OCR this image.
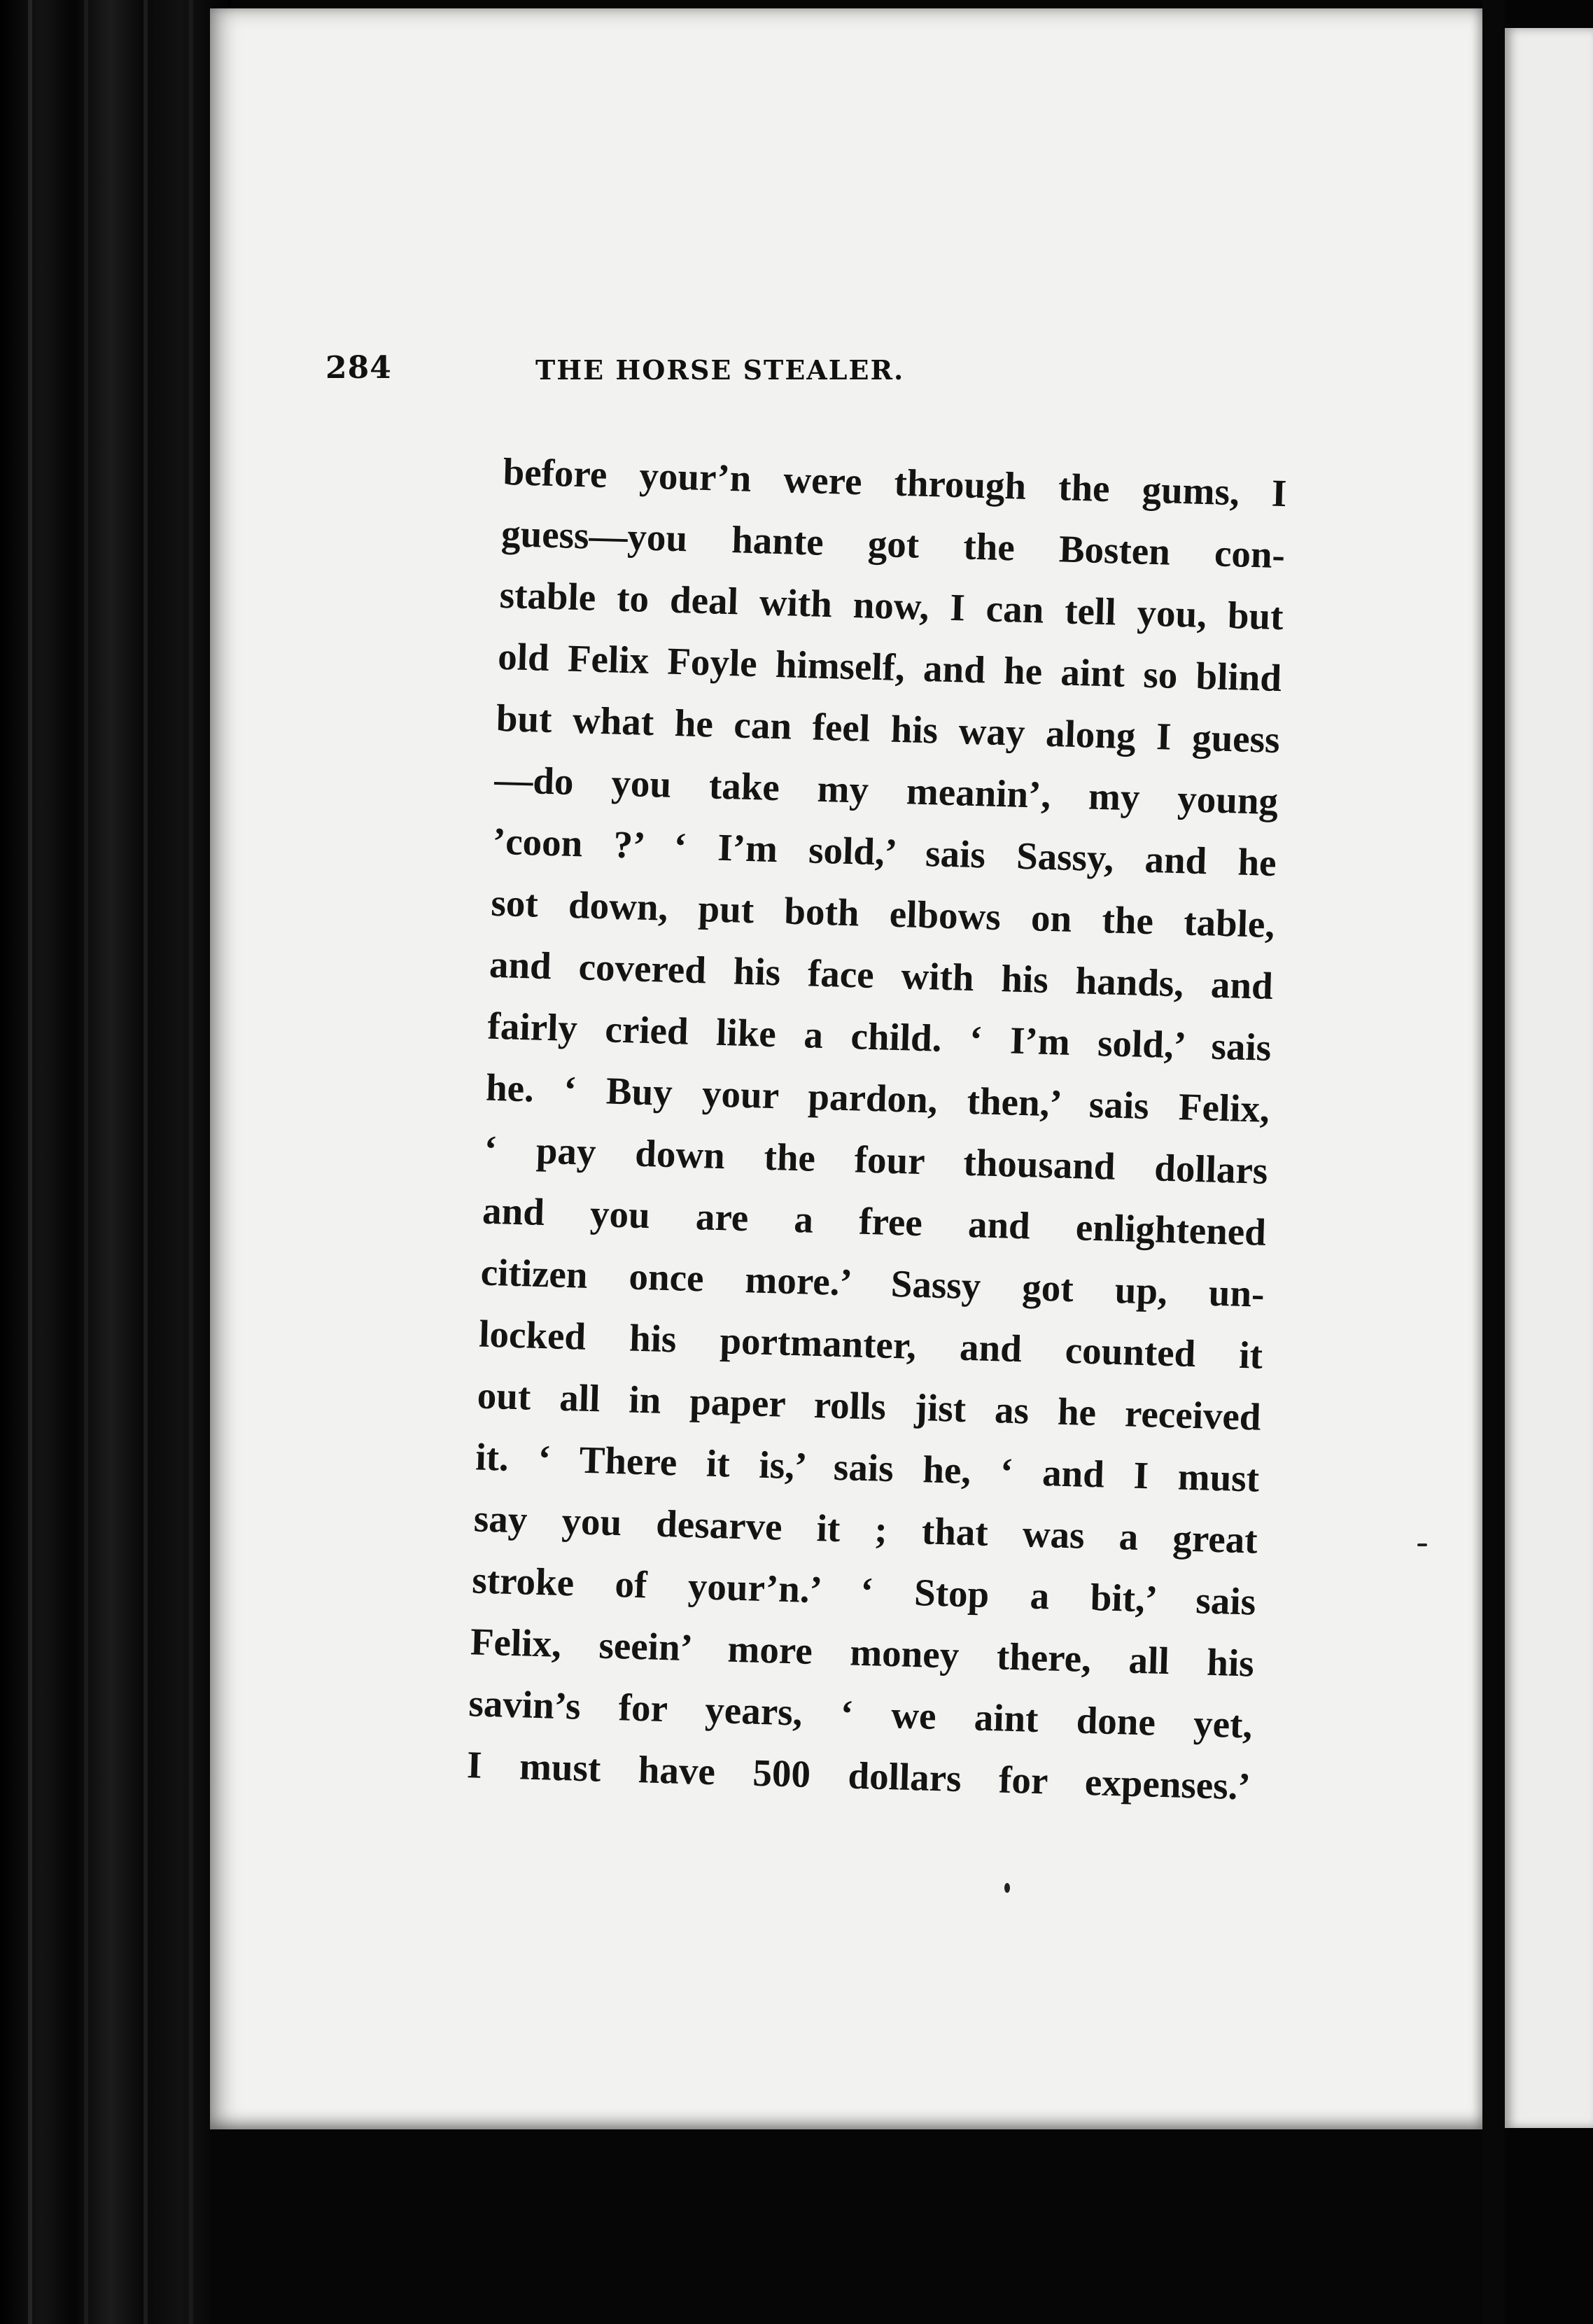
284	THE HORSE STEALER.
before your’n were through the gums, I
guess—you hante got the Bosten con-
stable to deal with now, I can tell you, but
old Felix Foyle himself, and he aint so blind
but what he can feel his way along I guess
—do you take my meanin’, my young
’coon ?’ ‘ I’m sold,’ sais Sassy, and he
sot down, put both elbows on the table,
and covered his face with his hands, and
fairly cried like a child. ‘ I’m sold,’ sais
he. ‘ Buy your pardon, then,’ sais Felix,
‘ pay down the four thousand dollars
and you are a free and enlightened
citizen once more.’ Sassy got up, un-
locked his portmanter, and counted it
out all in paper rolls jist as he received
it. ‘ There it is,’ sais he, ‘ and I must
say you desarve it ; that was a great
stroke of your’n.’ ‘ Stop a bit,’ sais
Felix, seein’ more money there, all his
savin’s for years, ‘ we aint done yet,
I must have 500 dollars for expenses.’
